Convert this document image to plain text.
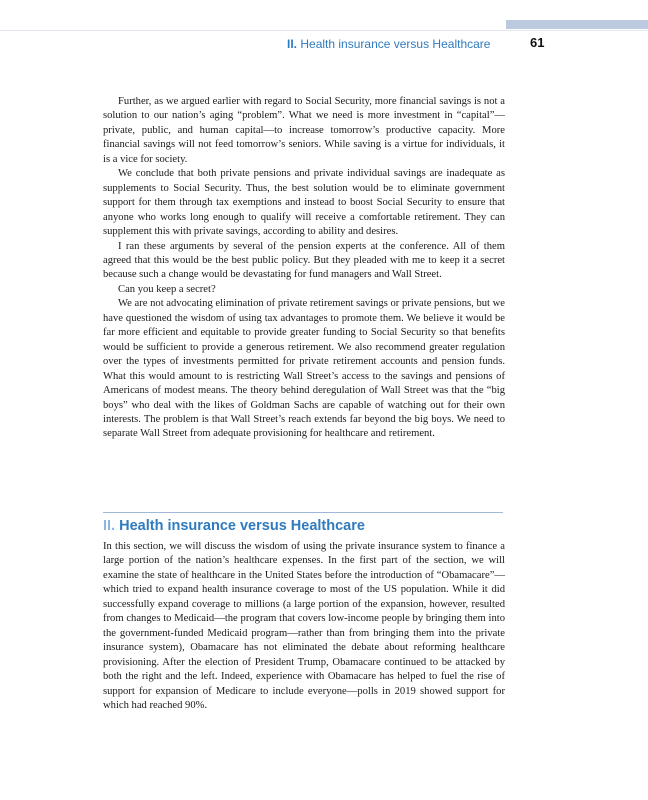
II. Health insurance versus Healthcare	61

Further, as we argued earlier with regard to Social Security, more financial savings is not a solution to our nation’s aging “problem”. What we need is more investment in “capital”—private, public, and human capital—to increase tomorrow’s productive capacity. More financial savings will not feed tomorrow’s seniors. While saving is a virtue for individuals, it is a vice for society.

We conclude that both private pensions and private individual savings are inadequate as supplements to Social Security. Thus, the best solution would be to eliminate government support for them through tax exemptions and instead to boost Social Security to ensure that anyone who works long enough to qualify will receive a comfortable retirement. They can supplement this with private savings, according to ability and desires.

I ran these arguments by several of the pension experts at the conference. All of them agreed that this would be the best public policy. But they pleaded with me to keep it a secret because such a change would be devastating for fund managers and Wall Street.

Can you keep a secret?

We are not advocating elimination of private retirement savings or private pensions, but we have questioned the wisdom of using tax advantages to promote them. We believe it would be far more efficient and equitable to provide greater funding to Social Security so that benefits would be sufficient to provide a generous retirement. We also recommend greater regulation over the types of investments permitted for private retirement accounts and pension funds. What this would amount to is restricting Wall Street’s access to the savings and pensions of Americans of modest means. The theory behind deregulation of Wall Street was that the “big boys” who deal with the likes of Goldman Sachs are capable of watching out for their own interests. The problem is that Wall Street’s reach extends far beyond the big boys. We need to separate Wall Street from adequate provisioning for healthcare and retirement.

II. Health insurance versus Healthcare

In this section, we will discuss the wisdom of using the private insurance system to finance a large portion of the nation’s healthcare expenses. In the first part of the section, we will examine the state of healthcare in the United States before the introduction of “Obamacare”—which tried to expand health insurance coverage to most of the US population. While it did successfully expand coverage to millions (a large portion of the expansion, however, resulted from changes to Medicaid—the program that covers low-income people by bringing them into the government-funded Medicaid program—rather than from bringing them into the private insurance system), Obamacare has not eliminated the debate about reforming healthcare provisioning. After the election of President Trump, Obamacare continued to be attacked by both the right and the left. Indeed, experience with Obamacare has helped to fuel the rise of support for expansion of Medicare to include everyone—polls in 2019 showed support for which had reached 90%.
